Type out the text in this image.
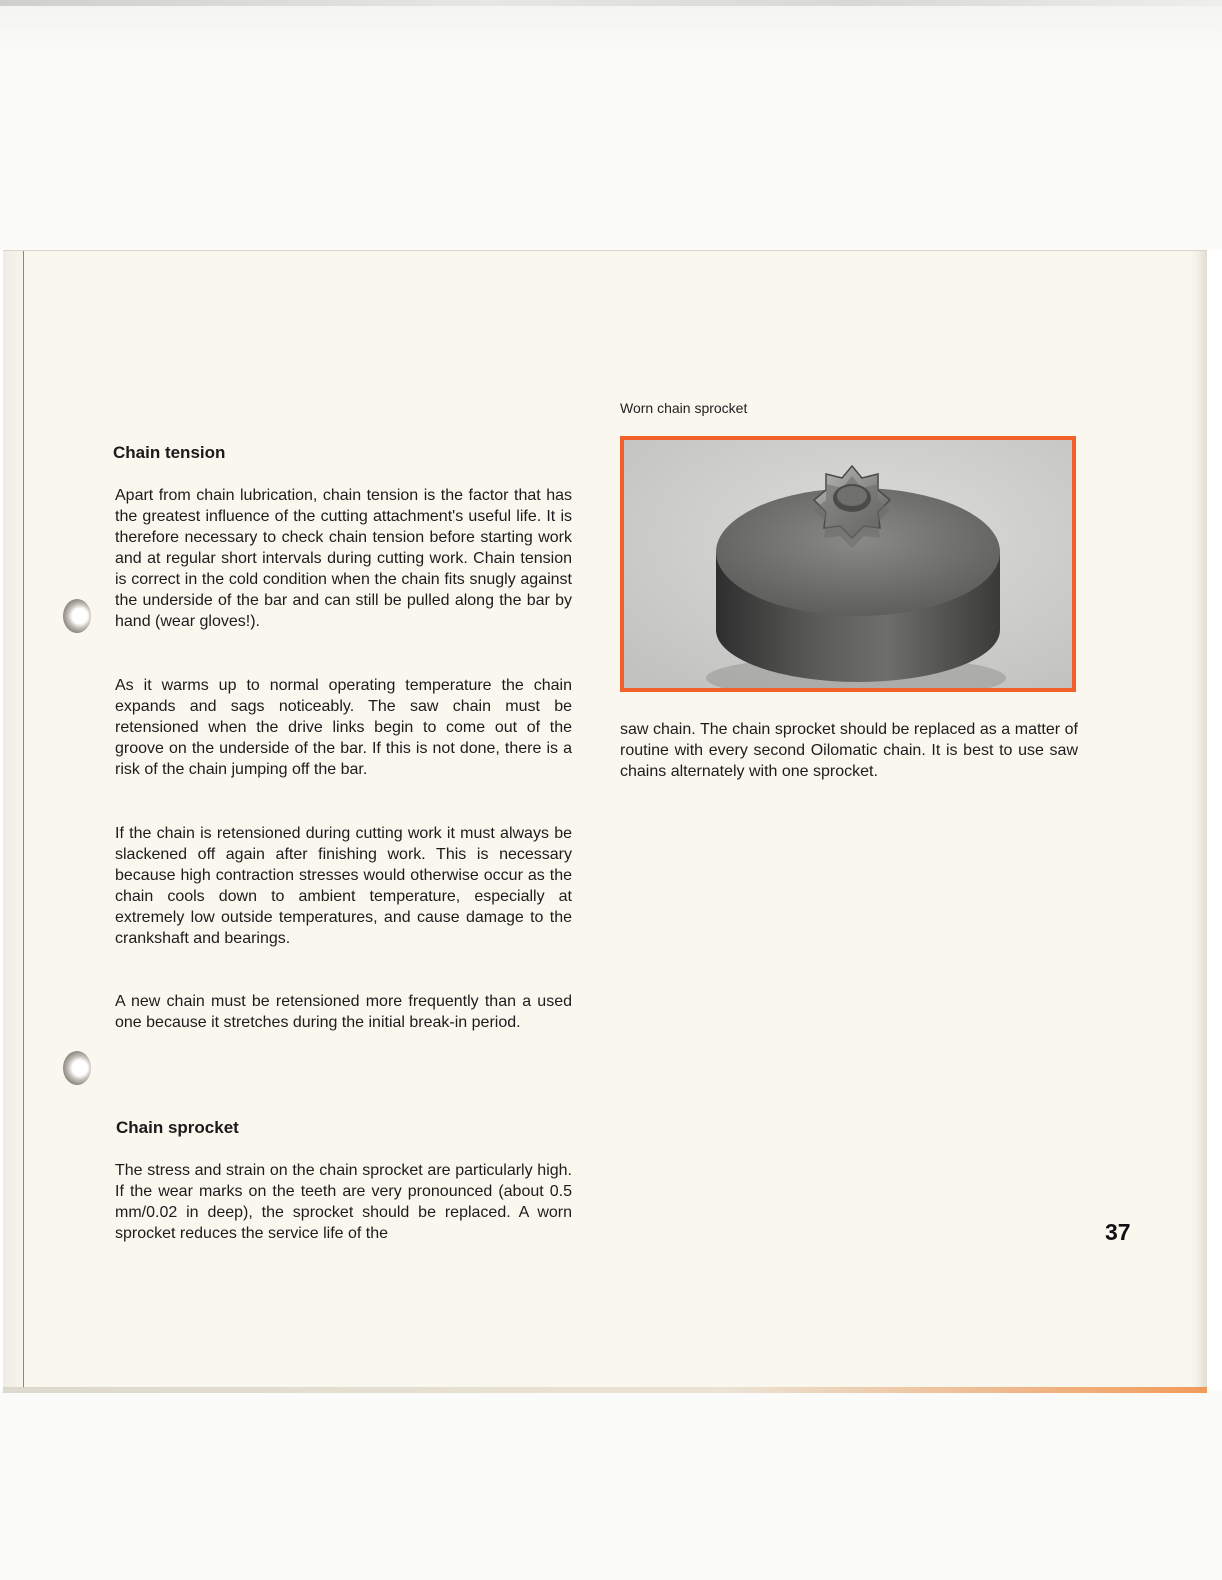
Chain tension

Apart from chain lubrication, chain tension is the factor that has the greatest influence of the cutting attachment's useful life. It is therefore necessary to check chain tension before starting work and at regular short intervals during cutting work. Chain tension is correct in the cold condition when the chain fits snugly against the underside of the bar and can still be pulled along the bar by hand (wear gloves!).

As it warms up to normal operating temperature the chain expands and sags noticeably. The saw chain must be retensioned when the drive links begin to come out of the groove on the underside of the bar. If this is not done, there is a risk of the chain jumping off the bar.

If the chain is retensioned during cutting work it must always be slackened off again after finishing work. This is necessary because high contraction stresses would otherwise occur as the chain cools down to ambient temperature, especially at extremely low outside temperatures, and cause damage to the crankshaft and bearings.

A new chain must be retensioned more frequently than a used one because it stretches during the initial break-in period.

Chain sprocket

The stress and strain on the chain sprocket are particularly high. If the wear marks on the teeth are very pronounced (about 0.5 mm/0.02 in deep), the sprocket should be replaced. A worn sprocket reduces the service life of the

saw chain. The chain sprocket should be replaced as a matter of routine with every second Oilomatic chain. It is best to use saw chains alternately with one sprocket.

37
Worn chain sprocket
